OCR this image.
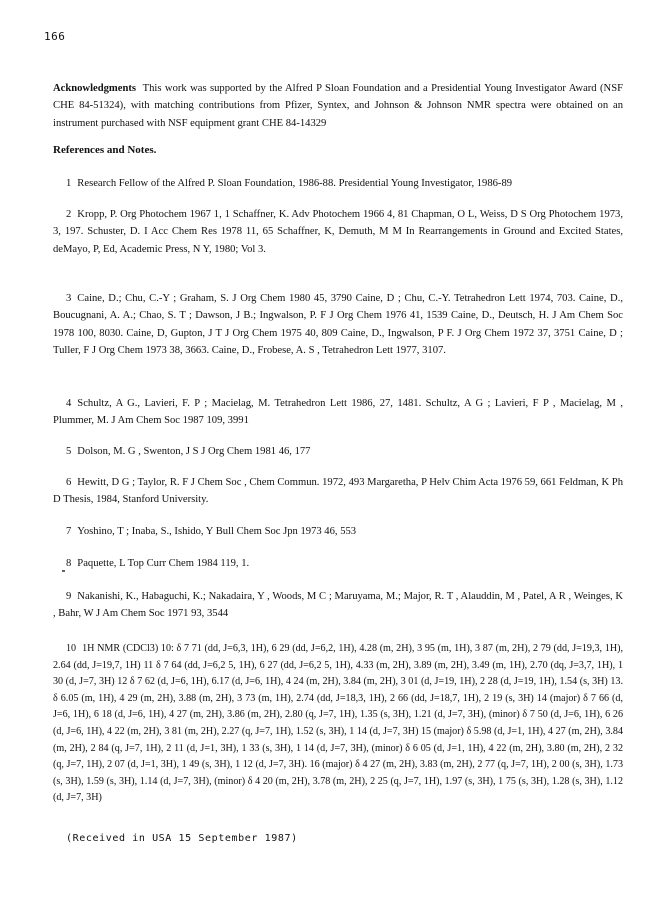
166
Acknowledgments This work was supported by the Alfred P Sloan Foundation and a Presidential Young Investigator Award (NSF CHE 84-51324), with matching contributions from Pfizer, Syntex, and Johnson & Johnson NMR spectra were obtained on an instrument purchased with NSF equipment grant CHE 84-14329
References and Notes.
1 Research Fellow of the Alfred P. Sloan Foundation, 1986-88. Presidential Young Investigator, 1986-89
2 Kropp, P. Org Photochem 1967 1, 1 Schaffner, K. Adv Photochem 1966 4, 81 Chapman, O L, Weiss, D S Org Photochem 1973, 3, 197. Schuster, D. I Acc Chem Res 1978 11, 65 Schaffner, K, Demuth, M M In Rearrangements in Ground and Excited States, deMayo, P, Ed, Academic Press, N Y, 1980; Vol 3.
3 Caine, D.; Chu, C.-Y ; Graham, S. J Org Chem 1980 45, 3790 Caine, D ; Chu, C.-Y. Tetrahedron Lett 1974, 703. Caine, D., Boucugnani, A. A.; Chao, S. T ; Dawson, J B.; Ingwalson, P. F J Org Chem 1976 41, 1539 Caine, D., Deutsch, H. J Am Chem Soc 1978 100, 8030. Caine, D, Gupton, J T J Org Chem 1975 40, 809 Caine, D., Ingwalson, P F. J Org Chem 1972 37, 3751 Caine, D ; Tuller, F J Org Chem 1973 38, 3663. Caine, D., Frobese, A. S , Tetrahedron Lett 1977, 3107.
4 Schultz, A G., Lavieri, F. P ; Macielag, M. Tetrahedron Lett 1986, 27, 1481. Schultz, A G ; Lavieri, F P , Macielag, M , Plummer, M. J Am Chem Soc 1987 109, 3991
5 Dolson, M. G , Swenton, J S J Org Chem 1981 46, 177
6 Hewitt, D G ; Taylor, R. F J Chem Soc , Chem Commun. 1972, 493 Margaretha, P Helv Chim Acta 1976 59, 661 Feldman, K Ph D Thesis, 1984, Stanford University.
7 Yoshino, T ; Inaba, S., Ishido, Y Bull Chem Soc Jpn 1973 46, 553
8 Paquette, L Top Curr Chem 1984 119, 1.
9 Nakanishi, K., Habaguchi, K.; Nakadaira, Y , Woods, M C ; Maruyama, M.; Major, R. T , Alauddin, M , Patel, A R , Weinges, K , Bahr, W J Am Chem Soc 1971 93, 3544
10 1H NMR (CDCl3) 10: δ 7 71 (dd, J=6,3, 1H), 6 29 (dd, J=6,2, 1H), 4.28 (m, 2H), 3 95 (m, 1H), 3 87 (m, 2H), 2 79 (dd, J=19,3, 1H), 2.64 (dd, J=19,7, 1H) 11 δ 7 64 (dd, J=6,2 5, 1H), 6 27 (dd, J=6,2 5, 1H), 4.33 (m, 2H), 3.89 (m, 2H), 3.49 (m, 1H), 2.70 (dq, J=3,7, 1H), 1 30 (d, J=7, 3H) 12 δ 7 62 (d, J=6, 1H), 6.17 (d, J=6, 1H), 4 24 (m, 2H), 3.84 (m, 2H), 3 01 (d, J=19, 1H), 2 28 (d, J=19, 1H), 1.54 (s, 3H) 13. δ 6.05 (m, 1H), 4 29 (m, 2H), 3.88 (m, 2H), 3 73 (m, 1H), 2.74 (dd, J=18,3, 1H), 2 66 (dd, J=18,7, 1H), 2 19 (s, 3H) 14 (major) δ 7 66 (d, J=6, 1H), 6 18 (d, J=6, 1H), 4 27 (m, 2H), 3.86 (m, 2H), 2.80 (q, J=7, 1H), 1.35 (s, 3H), 1.21 (d, J=7, 3H), (minor) δ 7 50 (d, J=6, 1H), 6 26 (d, J=6, 1H), 4 22 (m, 2H), 3 81 (m, 2H), 2.27 (q, J=7, 1H), 1.52 (s, 3H), 1 14 (d, J=7, 3H) 15 (major) δ 5.98 (d, J=1, 1H), 4 27 (m, 2H), 3.84 (m, 2H), 2 84 (q, J=7, 1H), 2 11 (d, J=1, 3H), 1 33 (s, 3H), 1 14 (d, J=7, 3H), (minor) δ 6 05 (d, J=1, 1H), 4 22 (m, 2H), 3.80 (m, 2H), 2 32 (q, J=7, 1H), 2 07 (d, J=1, 3H), 1 49 (s, 3H), 1 12 (d, J=7, 3H). 16 (major) δ 4 27 (m, 2H), 3.83 (m, 2H), 2 77 (q, J=7, 1H), 2 00 (s, 3H), 1.73 (s, 3H), 1.59 (s, 3H), 1.14 (d, J=7, 3H), (minor) δ 4 20 (m, 2H), 3.78 (m, 2H), 2 25 (q, J=7, 1H), 1.97 (s, 3H), 1 75 (s, 3H), 1.28 (s, 3H), 1.12 (d, J=7, 3H)
(Received in USA 15 September 1987)
